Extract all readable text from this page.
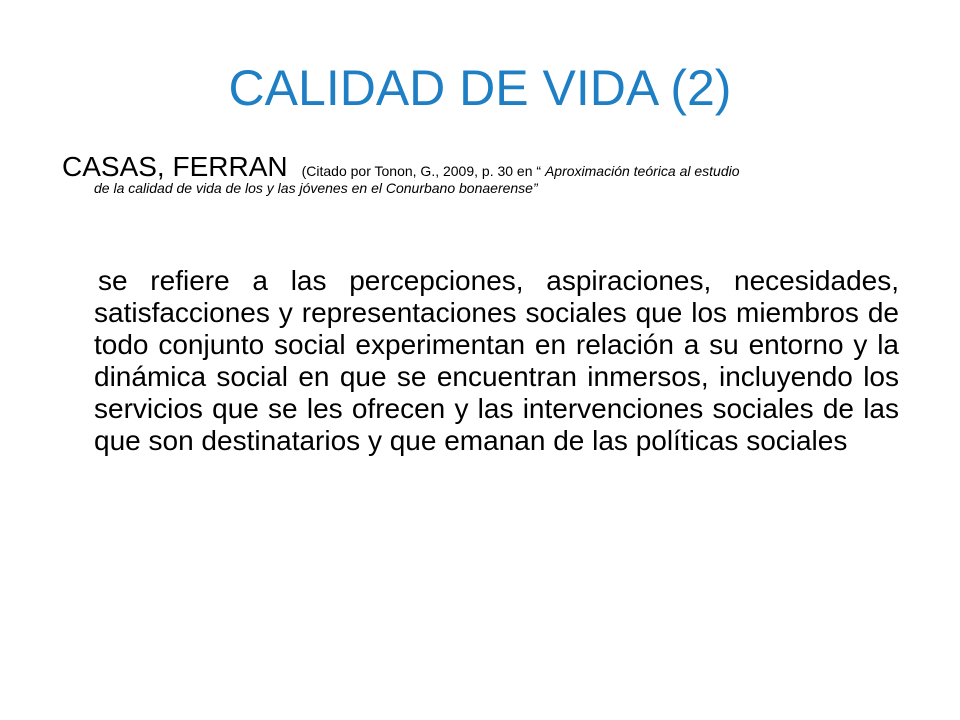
CALIDAD DE VIDA (2)
CASAS, FERRAN (Citado por Tonon, G., 2009, p. 30 en “ Aproximación teórica al estudio
de la calidad de vida de los y las jóvenes en el Conurbano bonaerense”

se refiere a las percepciones, aspiraciones, necesidades, satisfacciones y representaciones sociales que los miembros de todo conjunto social experimentan en relación a su entorno y la dinámica social en que se encuentran inmersos, incluyendo los servicios que se les ofrecen y las intervenciones sociales de las que son destinatarios y que emanan de las políticas sociales
